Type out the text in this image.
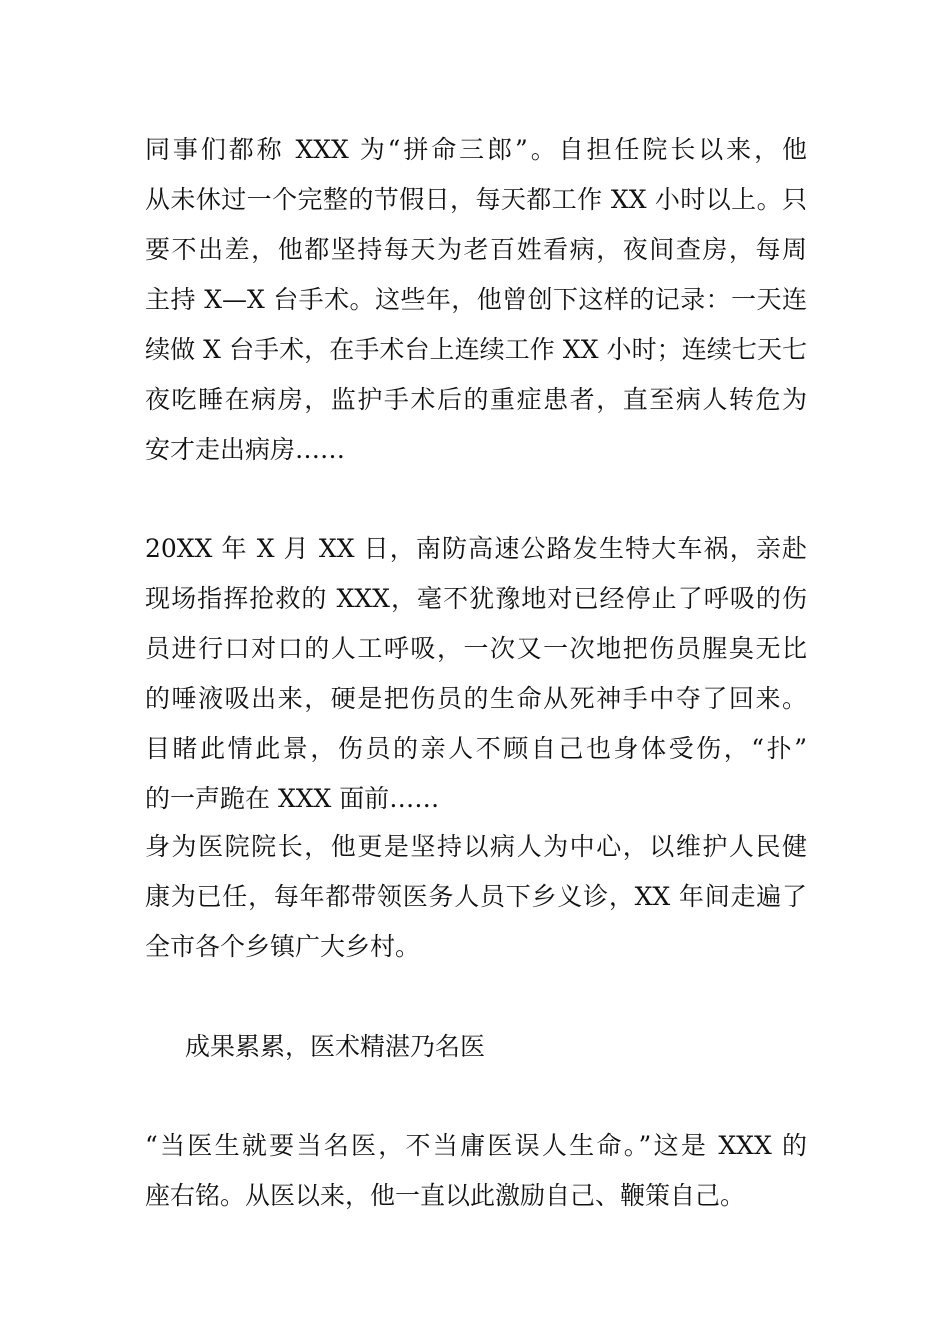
同事们都称 XXX 为“拼命三郎”。自担任院长以来，他
从未休过一个完整的节假日，每天都工作 XX 小时以上。只
要不出差，他都坚持每天为老百姓看病，夜间查房，每周
主持 X—X 台手术。这些年，他曾创下这样的记录：一天连
续做 X 台手术，在手术台上连续工作 XX 小时；连续七天七
夜吃睡在病房，监护手术后的重症患者，直至病人转危为
安才走出病房……
20XX 年 X 月 XX 日，南防高速公路发生特大车祸，亲赴
现场指挥抢救的 XXX，毫不犹豫地对已经停止了呼吸的伤
员进行口对口的人工呼吸，一次又一次地把伤员腥臭无比
的唾液吸出来，硬是把伤员的生命从死神手中夺了回来。
目睹此情此景，伤员的亲人不顾自己也身体受伤，“扑”
的一声跪在 XXX 面前……
身为医院院长，他更是坚持以病人为中心，以维护人民健
康为已任，每年都带领医务人员下乡义诊，XX 年间走遍了
全市各个乡镇广大乡村。
成果累累，医术精湛乃名医
“当医生就要当名医，不当庸医误人生命。”这是 XXX 的
座右铭。从医以来，他一直以此激励自己、鞭策自己。
